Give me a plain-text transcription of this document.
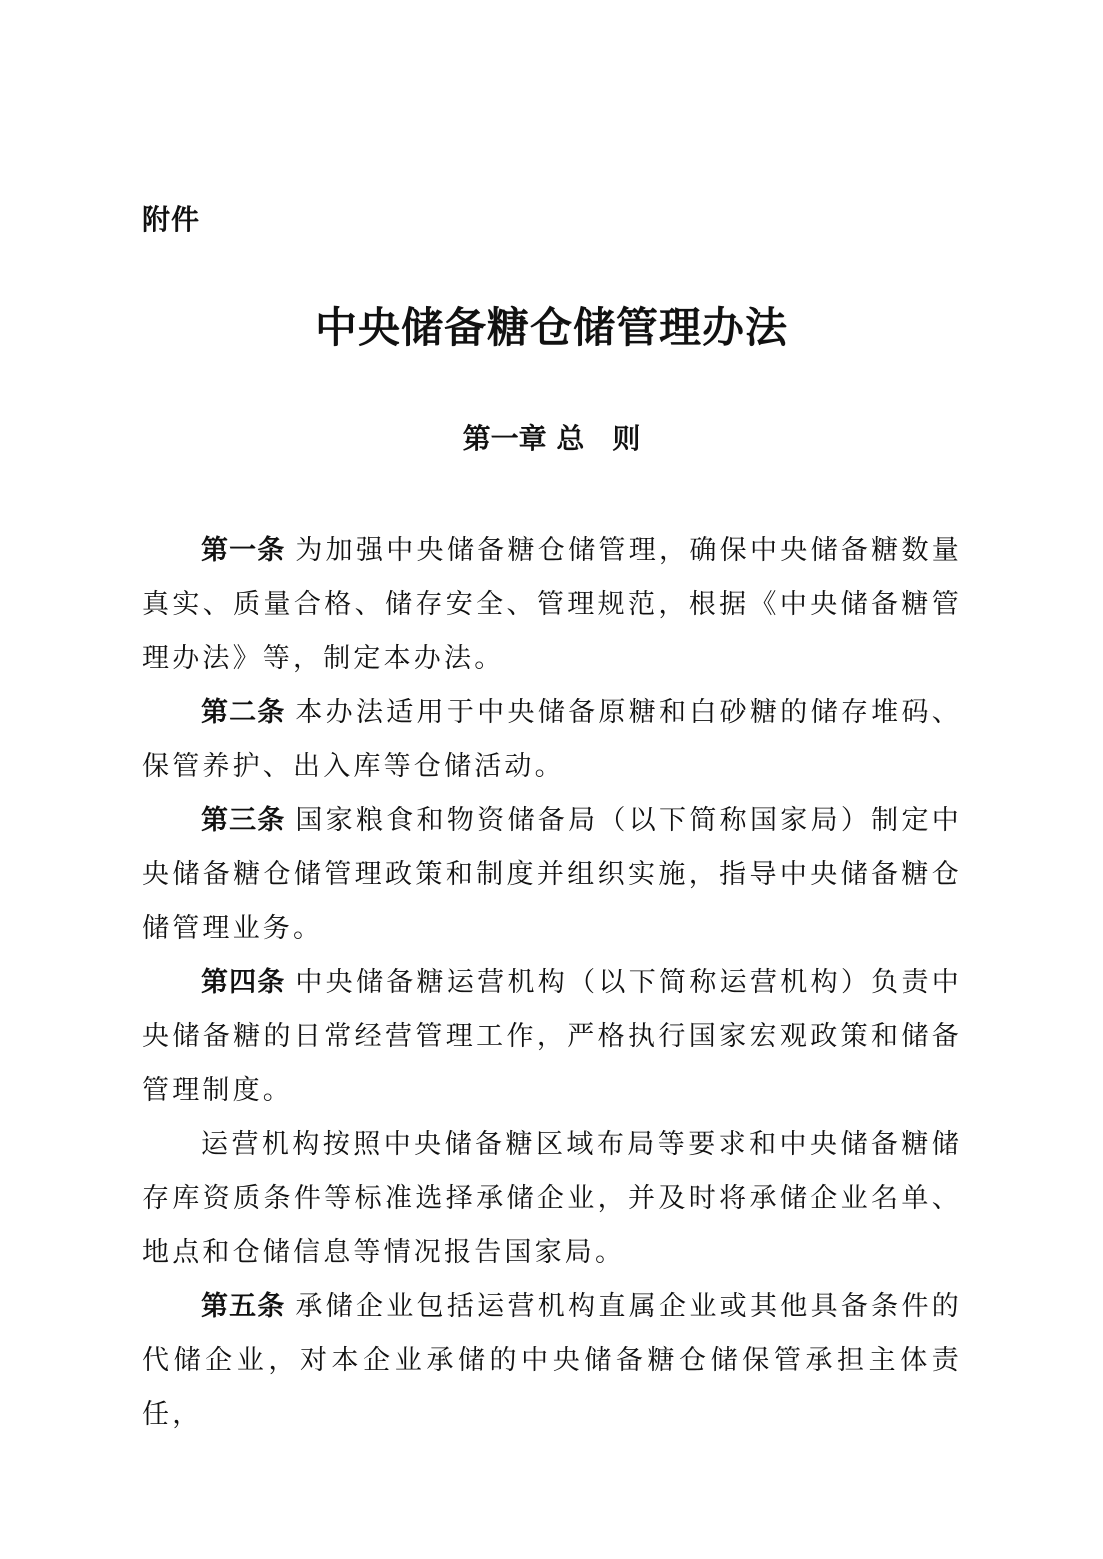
附件
中央储备糖仓储管理办法
第一章 总　则

第一条 为加强中央储备糖仓储管理，确保中央储备糖数量真实、质量合格、储存安全、管理规范，根据《中央储备糖管理办法》等，制定本办法。

第二条 本办法适用于中央储备原糖和白砂糖的储存堆码、保管养护、出入库等仓储活动。

第三条 国家粮食和物资储备局（以下简称国家局）制定中央储备糖仓储管理政策和制度并组织实施，指导中央储备糖仓储管理业务。

第四条 中央储备糖运营机构（以下简称运营机构）负责中央储备糖的日常经营管理工作，严格执行国家宏观政策和储备管理制度。

运营机构按照中央储备糖区域布局等要求和中央储备糖储存库资质条件等标准选择承储企业，并及时将承储企业名单、地点和仓储信息等情况报告国家局。

第五条 承储企业包括运营机构直属企业或其他具备条件的代储企业，对本企业承储的中央储备糖仓储保管承担主体责任，
